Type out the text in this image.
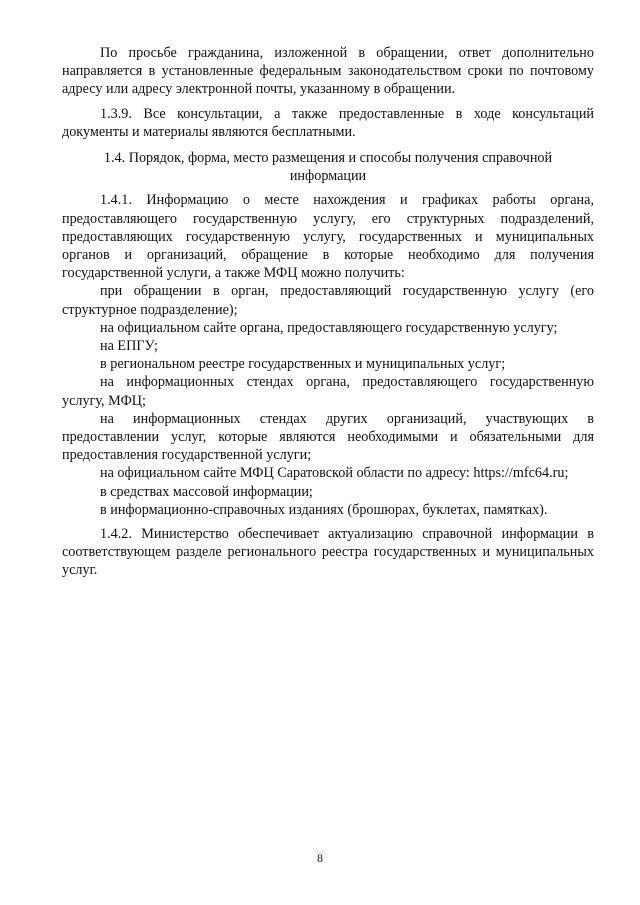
По просьбе гражданина, изложенной в обращении, ответ дополнительно направляется в установленные федеральным законодательством сроки по почтовому адресу или адресу электронной почты, указанному в обращении.

1.3.9. Все консультации, а также предоставленные в ходе консультаций документы и материалы являются бесплатными.

1.4. Порядок, форма, место размещения и способы получения справочной информации

1.4.1. Информацию о месте нахождения и графиках работы органа, предоставляющего государственную услугу, его структурных подразделений, предоставляющих государственную услугу, государственных и муниципальных органов и организаций, обращение в которые необходимо для получения государственной услуги, а также МФЦ можно получить:

при обращении в орган, предоставляющий государственную услугу (его структурное подразделение);

на официальном сайте органа, предоставляющего государственную услугу;

на ЕПГУ;

в региональном реестре государственных и муниципальных услуг;

на информационных стендах органа, предоставляющего государственную услугу, МФЦ;

на информационных стендах других организаций, участвующих в предоставлении услуг, которые являются необходимыми и обязательными для предоставления государственной услуги;

на официальном сайте МФЦ Саратовской области по адресу: https://mfc64.ru;

в средствах массовой информации;

в информационно-справочных изданиях (брошюрах, буклетах, памятках).

1.4.2. Министерство обеспечивает актуализацию справочной информации в соответствующем разделе регионального реестра государственных и муниципальных услуг.

8
